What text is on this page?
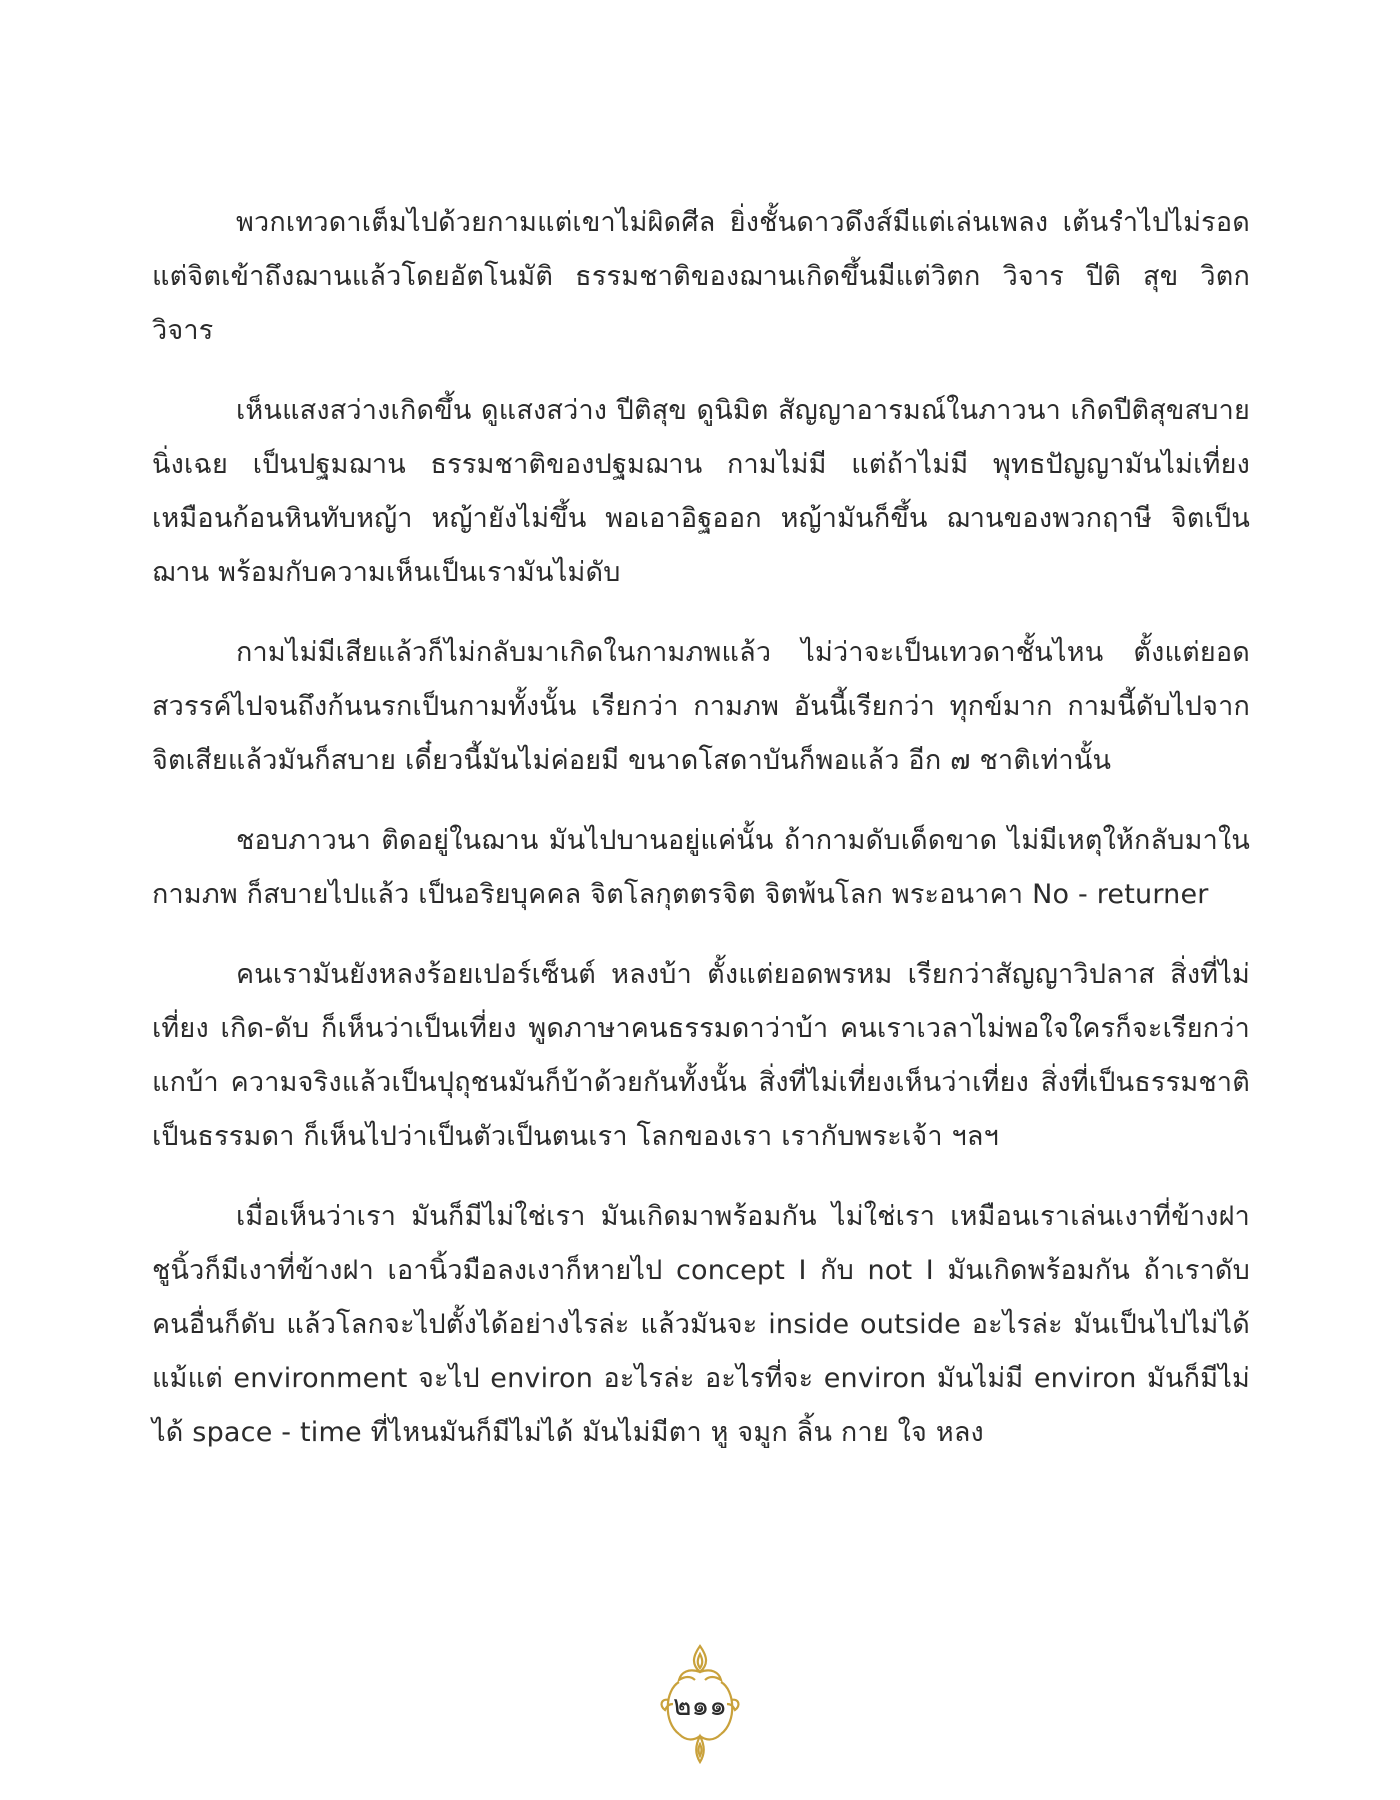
พวกเทวดาเต็มไปด้วยกามแต่เขาไม่ผิดศีล ยิ่งชั้นดาวดึงส์มีแต่เล่นเพลง เต้นรำไปไม่รอด แต่จิตเข้าถึงฌานแล้วโดยอัตโนมัติ ธรรมชาติของฌานเกิดขึ้นมีแต่วิตก วิจาร ปีติ สุข วิตก วิจาร

เห็นแสงสว่างเกิดขึ้น ดูแสงสว่าง ปีติสุข ดูนิมิต สัญญาอารมณ์ในภาวนา เกิดปีติสุขสบาย นิ่งเฉย เป็นปฐมฌาน ธรรมชาติของปฐมฌาน กามไม่มี แต่ถ้าไม่มี พุทธปัญญามันไม่เที่ยง เหมือนก้อนหินทับหญ้า หญ้ายังไม่ขึ้น พอเอาอิฐออก หญ้ามันก็ขึ้น ฌานของพวกฤาษี จิตเป็นฌาน พร้อมกับความเห็นเป็นเรามันไม่ดับ

กามไม่มีเสียแล้วก็ไม่กลับมาเกิดในกามภพแล้ว ไม่ว่าจะเป็นเทวดาชั้นไหน ตั้งแต่ยอดสวรรค์ไปจนถึงก้นนรกเป็นกามทั้งนั้น เรียกว่า กามภพ อันนี้เรียกว่า ทุกข์มาก กามนี้ดับไปจากจิตเสียแล้วมันก็สบาย เดี๋ยวนี้มันไม่ค่อยมี ขนาดโสดาบันก็พอแล้ว อีก ๗ ชาติเท่านั้น

ชอบภาวนา ติดอยู่ในฌาน มันไปบานอยู่แค่นั้น ถ้ากามดับเด็ดขาด ไม่มีเหตุให้กลับมาในกามภพ ก็สบายไปแล้ว เป็นอริยบุคคล จิตโลกุตตรจิต จิตพ้นโลก พระอนาคา No - returner

คนเรามันยังหลงร้อยเปอร์เซ็นต์ หลงบ้า ตั้งแต่ยอดพรหม เรียกว่าสัญญาวิปลาส สิ่งที่ไม่เที่ยง เกิด-ดับ ก็เห็นว่าเป็นเที่ยง พูดภาษาคนธรรมดาว่าบ้า คนเราเวลาไม่พอใจใครก็จะเรียกว่าแกบ้า ความจริงแล้วเป็นปุถุชนมันก็บ้าด้วยกันทั้งนั้น สิ่งที่ไม่เที่ยงเห็นว่าเที่ยง สิ่งที่เป็นธรรมชาติเป็นธรรมดา ก็เห็นไปว่าเป็นตัวเป็นตนเรา โลกของเรา เรากับพระเจ้า ฯลฯ

เมื่อเห็นว่าเรา มันก็มีไม่ใช่เรา มันเกิดมาพร้อมกัน ไม่ใช่เรา เหมือนเราเล่นเงาที่ข้างฝา ชูนิ้วก็มีเงาที่ข้างฝา เอานิ้วมือลงเงาก็หายไป concept I กับ not I มันเกิดพร้อมกัน ถ้าเราดับ คนอื่นก็ดับ แล้วโลกจะไปตั้งได้อย่างไรล่ะ แล้วมันจะ inside outside อะไรล่ะ มันเป็นไปไม่ได้ แม้แต่ environment จะไป environ อะไรล่ะ อะไรที่จะ environ มันไม่มี environ มันก็มีไม่ได้ space - time ที่ไหนมันก็มีไม่ได้ มันไม่มีตา หู จมูก ลิ้น กาย ใจ หลง

๒๑๑
